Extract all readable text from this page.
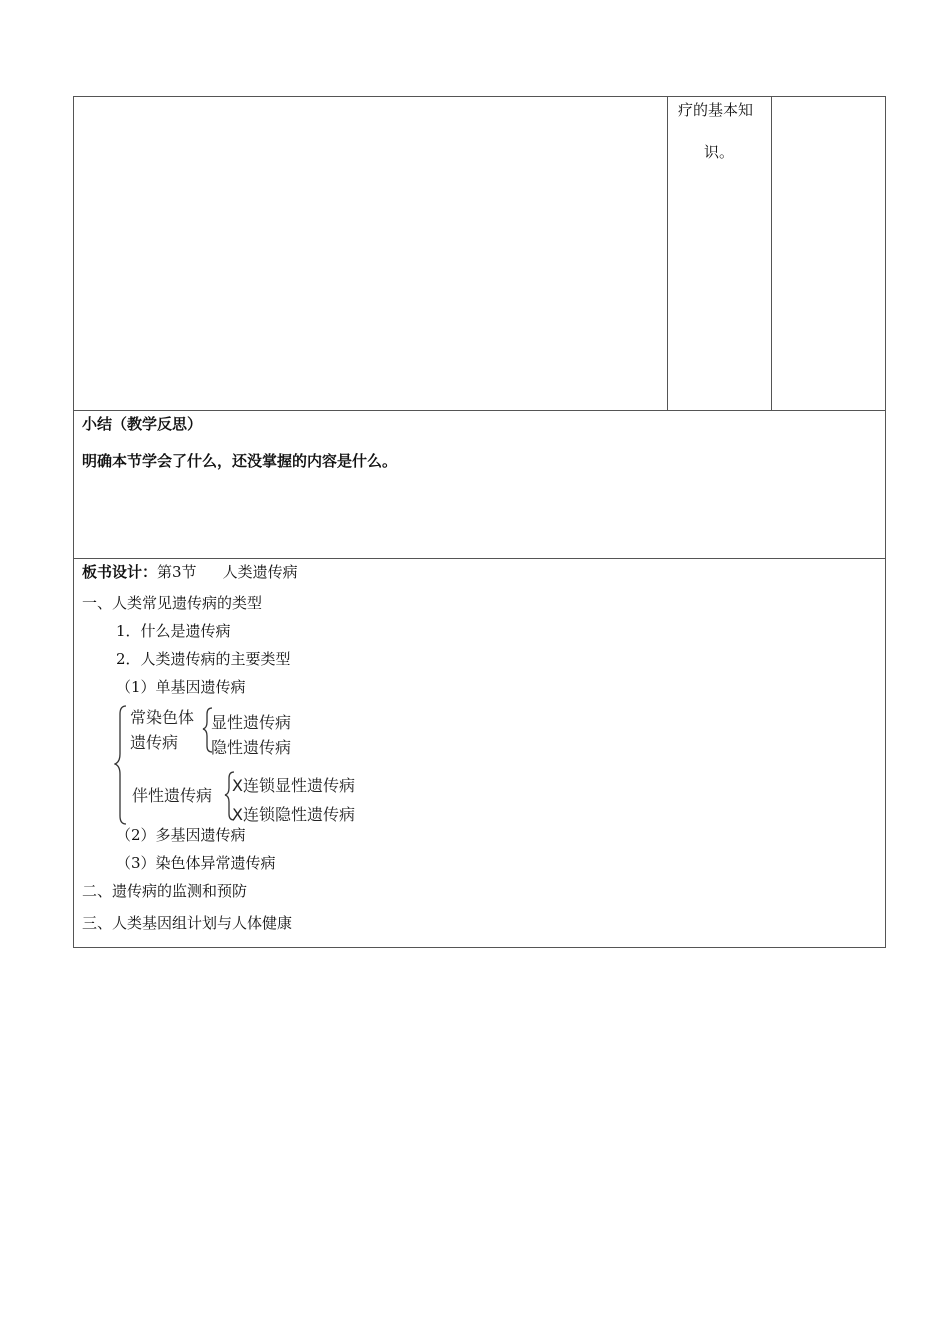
疗的基本知
识。
小结（教学反思）
明确本节学会了什么，还没掌握的内容是什么。
板书设计：第3节 人类遗传病
一、人类常见遗传病的类型
1．什么是遗传病
2．人类遗传病的主要类型
（1）单基因遗传病
常染色体
遗传病
显性遗传病
隐性遗传病
伴性遗传病
X连锁显性遗传病
X连锁隐性遗传病
（2）多基因遗传病
（3）染色体异常遗传病
二、遗传病的监测和预防
三、人类基因组计划与人体健康
